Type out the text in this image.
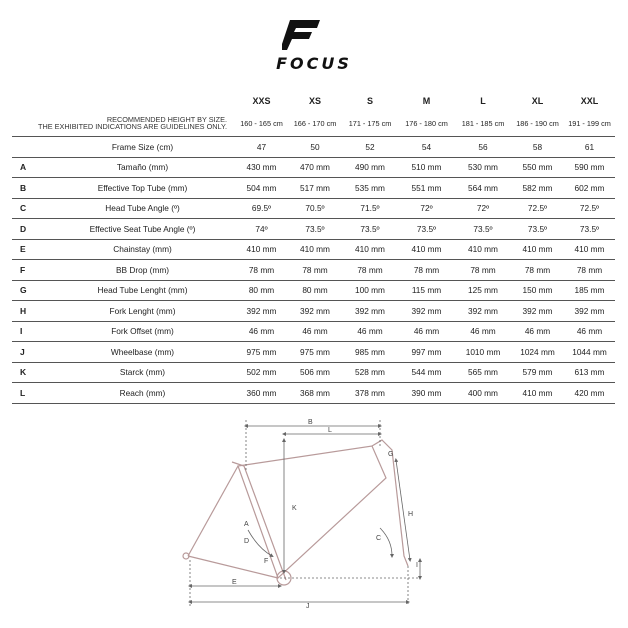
FOCUS
		XXS	XS	S	M	L	XL	XXL

RECOMMENDED HEIGHT BY SIZE.
THE EXHIBITED INDICATIONS ARE GUIDELINES ONLY.		160 - 165 cm	166 - 170 cm	171 - 175 cm	176 - 180 cm	181 - 185 cm	186 - 190 cm	191 - 199 cm
	Frame Size (cm)	47	50	52	54	56	58	61
A	Tamaño (mm)	430 mm	470 mm	490 mm	510 mm	530 mm	550 mm	590 mm
B	Effective Top Tube (mm)	504 mm	517 mm	535 mm	551 mm	564 mm	582 mm	602 mm
C	Head Tube Angle (º)	69.5º	70.5º	71.5º	72º	72º	72.5º	72.5º
D	Effective Seat Tube Angle (º)	74º	73.5º	73.5º	73.5º	73.5º	73.5º	73.5º
E	Chainstay (mm)	410 mm	410 mm	410 mm	410 mm	410 mm	410 mm	410 mm
F	BB Drop (mm)	78 mm	78 mm	78 mm	78 mm	78 mm	78 mm	78 mm
G	Head Tube Lenght (mm)	80 mm	80 mm	100 mm	115 mm	125 mm	150 mm	185 mm
H	Fork Lenght (mm)	392 mm	392 mm	392 mm	392 mm	392 mm	392 mm	392 mm
I	Fork Offset (mm)	46 mm	46 mm	46 mm	46 mm	46 mm	46 mm	46 mm
J	Wheelbase (mm)	975 mm	975 mm	985 mm	997 mm	1010 mm	1024 mm	1044 mm
K	Starck (mm)	502 mm	506 mm	528 mm	544 mm	565 mm	579 mm	613 mm
L	Reach (mm)	360 mm	368 mm	378 mm	390 mm	400 mm	410 mm	420 mm
A
B
C
D
E
F
G
H
I
J
K
L
